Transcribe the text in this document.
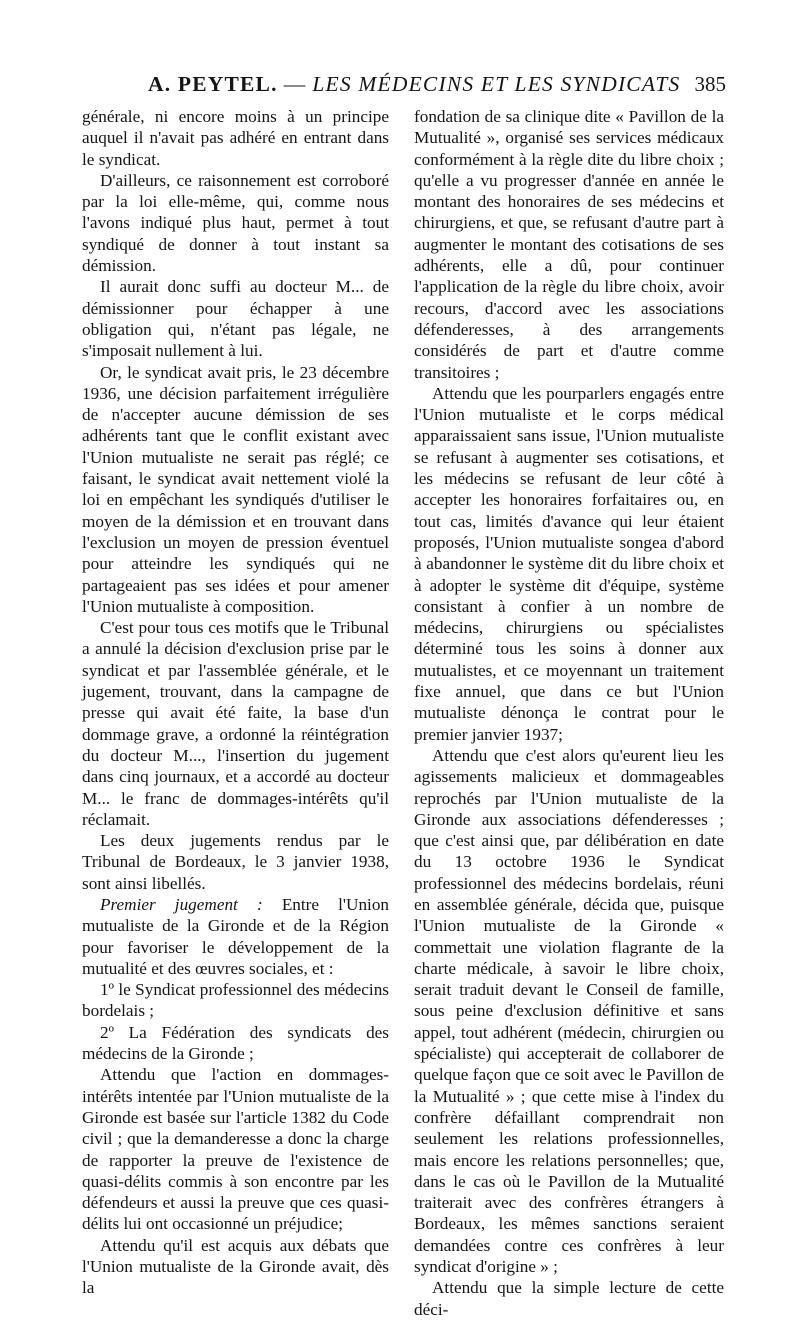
A. PEYTEL. — LES MÉDECINS ET LES SYNDICATS 385

générale, ni encore moins à un principe auquel il n'avait pas adhéré en entrant dans le syndicat.

D'ailleurs, ce raisonnement est corroboré par la loi elle-même, qui, comme nous l'avons indiqué plus haut, permet à tout syndiqué de donner à tout instant sa démission.

Il aurait donc suffi au docteur M... de démissionner pour échapper à une obligation qui, n'étant pas légale, ne s'imposait nullement à lui.

Or, le syndicat avait pris, le 23 décembre 1936, une décision parfaitement irrégulière de n'accepter aucune démission de ses adhérents tant que le conflit existant avec l'Union mutualiste ne serait pas réglé; ce faisant, le syndicat avait nettement violé la loi en empêchant les syndiqués d'utiliser le moyen de la démission et en trouvant dans l'exclusion un moyen de pression éventuel pour atteindre les syndiqués qui ne partageaient pas ses idées et pour amener l'Union mutualiste à composition.

C'est pour tous ces motifs que le Tribunal a annulé la décision d'exclusion prise par le syndicat et par l'assemblée générale, et le jugement, trouvant, dans la campagne de presse qui avait été faite, la base d'un dommage grave, a ordonné la réintégration du docteur M..., l'insertion du jugement dans cinq journaux, et a accordé au docteur M... le franc de dommages-intérêts qu'il réclamait.

Les deux jugements rendus par le Tribunal de Bordeaux, le 3 janvier 1938, sont ainsi libellés.

Premier jugement : Entre l'Union mutualiste de la Gironde et de la Région pour favoriser le développement de la mutualité et des œuvres sociales, et :

1º le Syndicat professionnel des médecins bordelais ;

2º La Fédération des syndicats des médecins de la Gironde ;

Attendu que l'action en dommages-intérêts intentée par l'Union mutualiste de la Gironde est basée sur l'article 1382 du Code civil ; que la demanderesse a donc la charge de rapporter la preuve de l'existence de quasi-délits commis à son encontre par les défendeurs et aussi la preuve que ces quasi-délits lui ont occasionné un préjudice;

Attendu qu'il est acquis aux débats que l'Union mutualiste de la Gironde avait, dès la

fondation de sa clinique dite « Pavillon de la Mutualité », organisé ses services médicaux conformément à la règle dite du libre choix ; qu'elle a vu progresser d'année en année le montant des honoraires de ses médecins et chirurgiens, et que, se refusant d'autre part à augmenter le montant des cotisations de ses adhérents, elle a dû, pour continuer l'application de la règle du libre choix, avoir recours, d'accord avec les associations défenderesses, à des arrangements considérés de part et d'autre comme transitoires ;

Attendu que les pourparlers engagés entre l'Union mutualiste et le corps médical apparaissaient sans issue, l'Union mutualiste se refusant à augmenter ses cotisations, et les médecins se refusant de leur côté à accepter les honoraires forfaitaires ou, en tout cas, limités d'avance qui leur étaient proposés, l'Union mutualiste songea d'abord à abandonner le système dit du libre choix et à adopter le système dit d'équipe, système consistant à confier à un nombre de médecins, chirurgiens ou spécialistes déterminé tous les soins à donner aux mutualistes, et ce moyennant un traitement fixe annuel, que dans ce but l'Union mutualiste dénonça le contrat pour le premier janvier 1937;

Attendu que c'est alors qu'eurent lieu les agissements malicieux et dommageables reprochés par l'Union mutualiste de la Gironde aux associations défenderesses ; que c'est ainsi que, par délibération en date du 13 octobre 1936 le Syndicat professionnel des médecins bordelais, réuni en assemblée générale, décida que, puisque l'Union mutualiste de la Gironde « commettait une violation flagrante de la charte médicale, à savoir le libre choix, serait traduit devant le Conseil de famille, sous peine d'exclusion définitive et sans appel, tout adhérent (médecin, chirurgien ou spécialiste) qui accepterait de collaborer de quelque façon que ce soit avec le Pavillon de la Mutualité » ; que cette mise à l'index du confrère défaillant comprendrait non seulement les relations professionnelles, mais encore les relations personnelles; que, dans le cas où le Pavillon de la Mutualité traiterait avec des confrères étrangers à Bordeaux, les mêmes sanctions seraient demandées contre ces confrères à leur syndicat d'origine » ;

Attendu que la simple lecture de cette déci-
